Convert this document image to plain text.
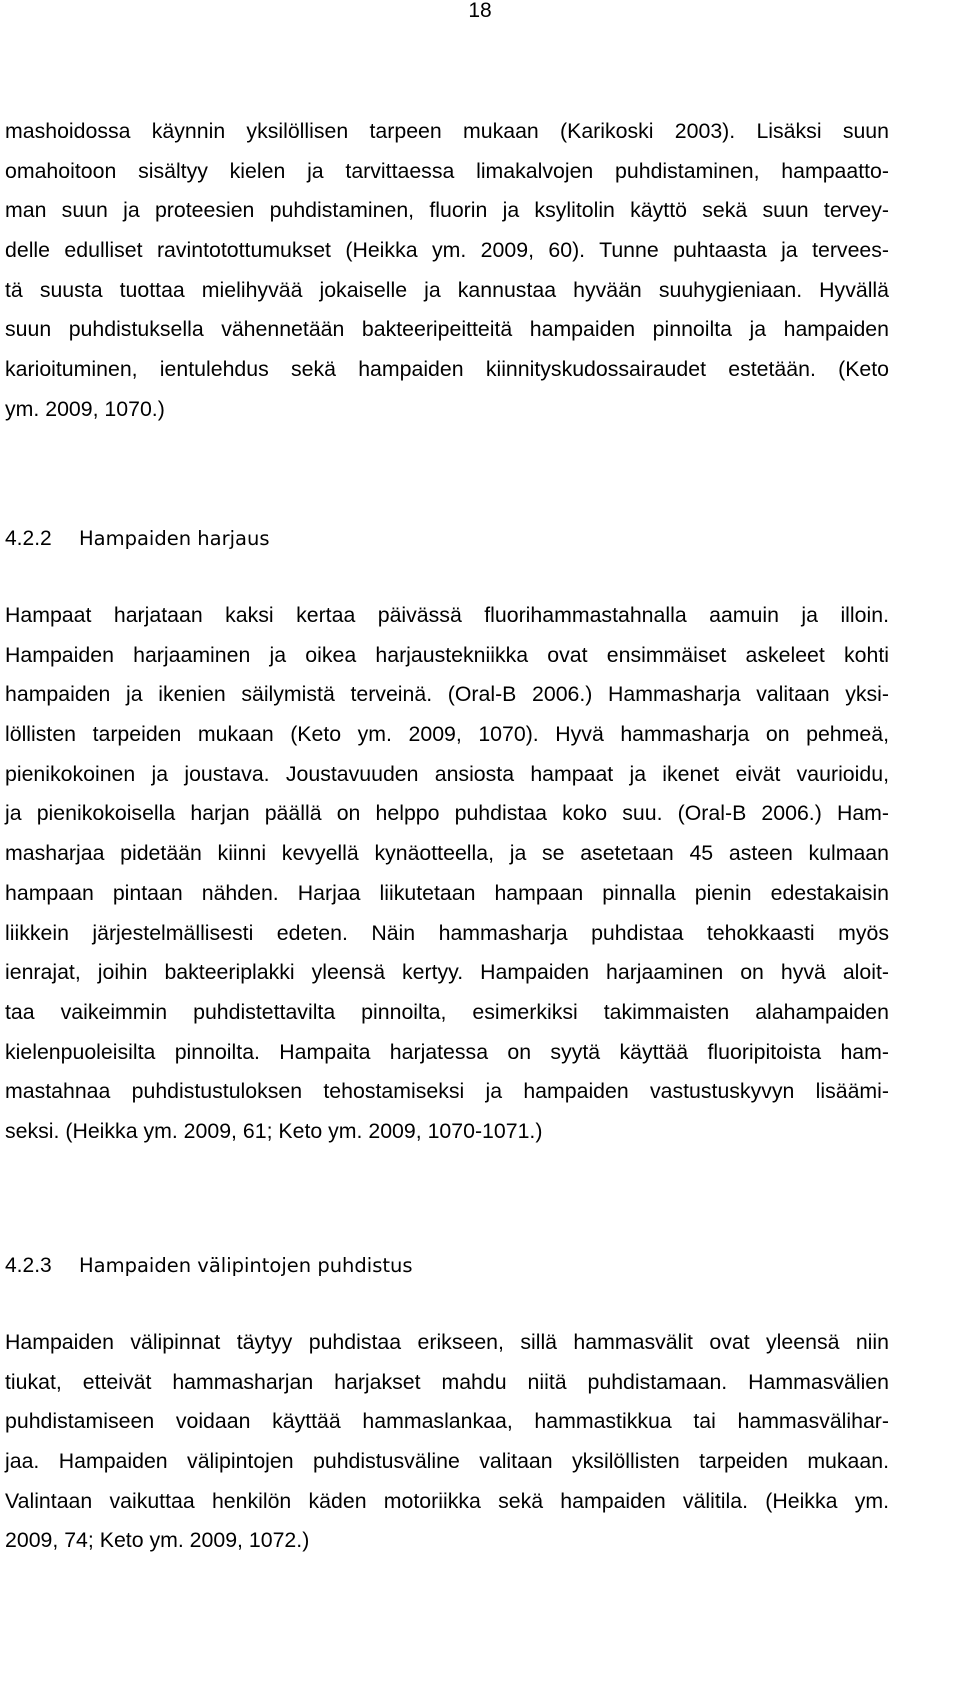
18

mashoidossa käynnin yksilöllisen tarpeen mukaan (Karikoski 2003). Lisäksi suun
omahoitoon sisältyy kielen ja tarvittaessa limakalvojen puhdistaminen, hampaatto-
man suun ja proteesien puhdistaminen, fluorin ja ksylitolin käyttö sekä suun tervey-
delle edulliset ravintotottumukset (Heikka ym. 2009, 60). Tunne puhtaasta ja tervees-
tä suusta tuottaa mielihyvää jokaiselle ja kannustaa hyvään suuhygieniaan. Hyvällä
suun puhdistuksella vähennetään bakteeripeitteitä hampaiden pinnoilta ja hampaiden
karioituminen, ientulehdus sekä hampaiden kiinnityskudossairaudet estetään. (Keto
ym. 2009, 1070.)
4.2.2 Hampaiden harjaus
Hampaat harjataan kaksi kertaa päivässä fluorihammastahnalla aamuin ja illoin.
Hampaiden harjaaminen ja oikea harjaustekniikka ovat ensimmäiset askeleet kohti
hampaiden ja ikenien säilymistä terveinä. (Oral-B 2006.) Hammasharja valitaan yksi-
löllisten tarpeiden mukaan (Keto ym. 2009, 1070). Hyvä hammasharja on pehmeä,
pienikokoinen ja joustava. Joustavuuden ansiosta hampaat ja ikenet eivät vaurioidu,
ja pienikokoisella harjan päällä on helppo puhdistaa koko suu. (Oral-B 2006.) Ham-
masharjaa pidetään kiinni kevyellä kynäotteella, ja se asetetaan 45 asteen kulmaan
hampaan pintaan nähden. Harjaa liikutetaan hampaan pinnalla pienin edestakaisin
liikkein järjestelmällisesti edeten. Näin hammasharja puhdistaa tehokkaasti myös
ienrajat, joihin bakteeriplakki yleensä kertyy. Hampaiden harjaaminen on hyvä aloit-
taa vaikeimmin puhdistettavilta pinnoilta, esimerkiksi takimmaisten alahampaiden
kielenpuoleisilta pinnoilta. Hampaita harjatessa on syytä käyttää fluoripitoista ham-
mastahnaa puhdistustuloksen tehostamiseksi ja hampaiden vastustuskyvyn lisäämi-
seksi. (Heikka ym. 2009, 61; Keto ym. 2009, 1070-1071.)
4.2.3 Hampaiden välipintojen puhdistus
Hampaiden välipinnat täytyy puhdistaa erikseen, sillä hammasvälit ovat yleensä niin
tiukat, etteivät hammasharjan harjakset mahdu niitä puhdistamaan. Hammasvälien
puhdistamiseen voidaan käyttää hammaslankaa, hammastikkua tai hammasvälihar-
jaa. Hampaiden välipintojen puhdistusväline valitaan yksilöllisten tarpeiden mukaan.
Valintaan vaikuttaa henkilön käden motoriikka sekä hampaiden välitila. (Heikka ym.
2009, 74; Keto ym. 2009, 1072.)
